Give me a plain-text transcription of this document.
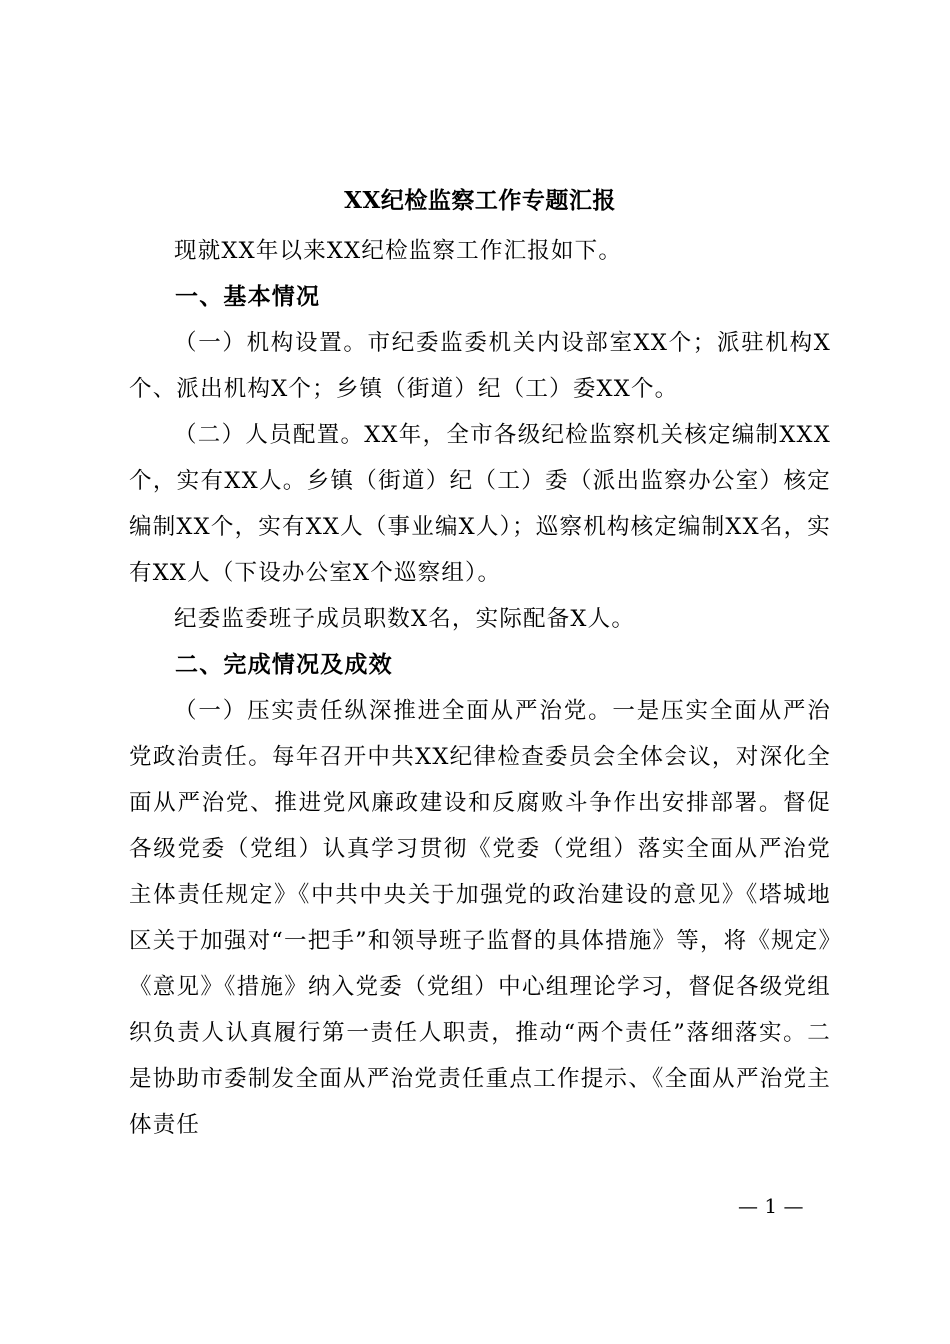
XX纪检监察工作专题汇报

现就XX年以来XX纪检监察工作汇报如下。

一、基本情况

（一）机构设置。市纪委监委机关内设部室XX个；派驻机构X个、派出机构X个；乡镇（街道）纪（工）委XX个。

（二）人员配置。XX年，全市各级纪检监察机关核定编制XXX个，实有XX人。乡镇（街道）纪（工）委（派出监察办公室）核定编制XX个，实有XX人（事业编X人）；巡察机构核定编制XX名，实有XX人（下设办公室X个巡察组）。

纪委监委班子成员职数X名，实际配备X人。

二、完成情况及成效

（一）压实责任纵深推进全面从严治党。一是压实全面从严治党政治责任。每年召开中共XX纪律检查委员会全体会议，对深化全面从严治党、推进党风廉政建设和反腐败斗争作出安排部署。督促各级党委（党组）认真学习贯彻《党委（党组）落实全面从严治党主体责任规定》《中共中央关于加强党的政治建设的意见》《塔城地区关于加强对“一把手”和领导班子监督的具体措施》等，将《规定》《意见》《措施》纳入党委（党组）中心组理论学习，督促各级党组织负责人认真履行第一责任人职责，推动“两个责任”落细落实。二是协助市委制发全面从严治党责任重点工作提示、《全面从严治党主体责任

— 1 —
